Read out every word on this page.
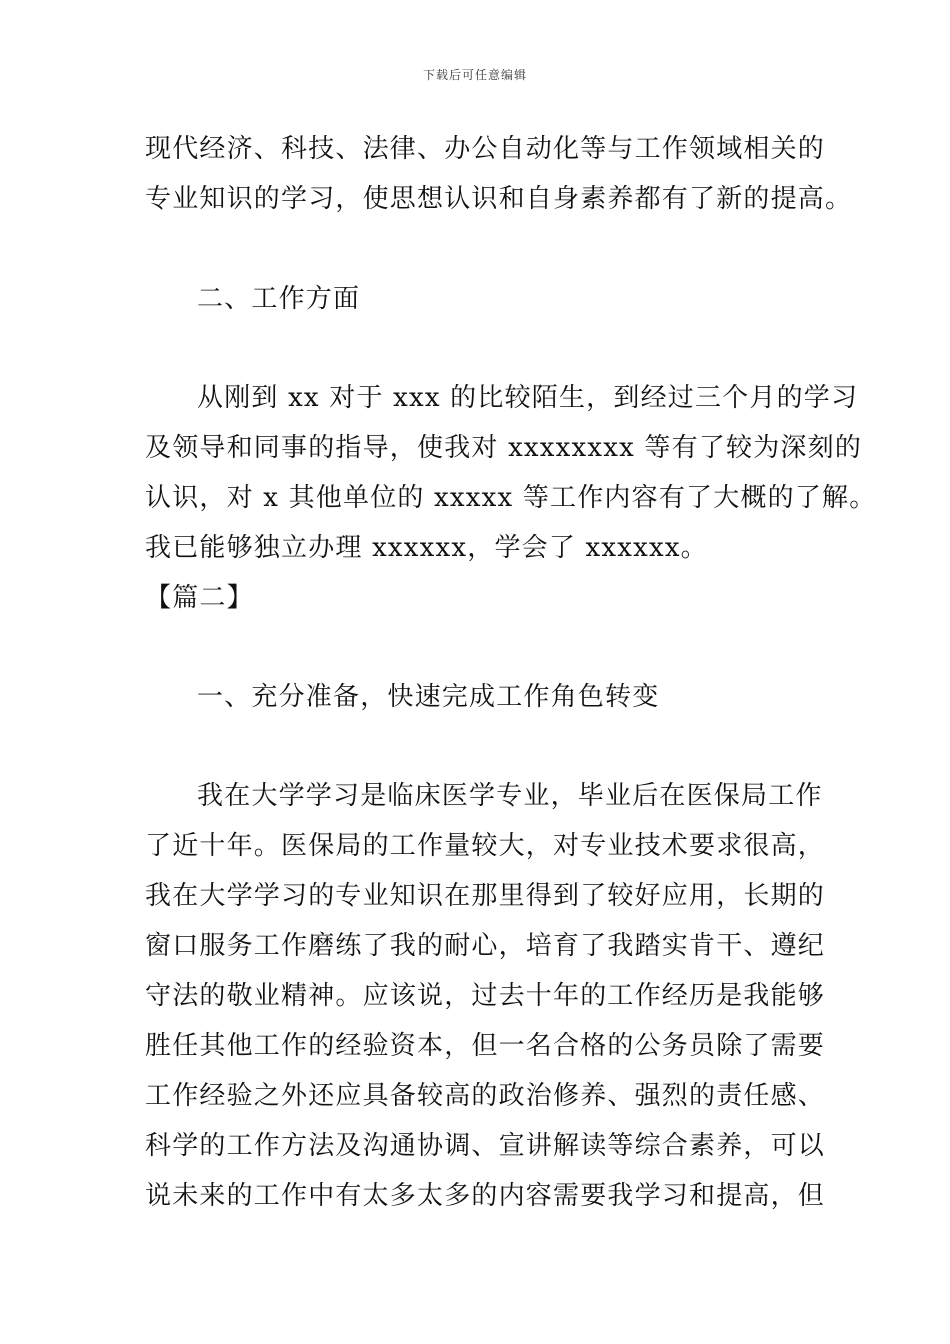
下载后可任意编辑
现代经济、科技、法律、办公自动化等与工作领域相关的
专业知识的学习，使思想认识和自身素养都有了新的提高。
二、工作方面
从刚到 xx 对于 xxx 的比较陌生，到经过三个月的学习
及领导和同事的指导，使我对 xxxxxxxx 等有了较为深刻的
认识，对 x 其他单位的 xxxxx 等工作内容有了大概的了解。
我已能够独立办理 xxxxxx，学会了 xxxxxx。
【篇二】
一、充分准备，快速完成工作角色转变
我在大学学习是临床医学专业，毕业后在医保局工作
了近十年。医保局的工作量较大，对专业技术要求很高，
我在大学学习的专业知识在那里得到了较好应用，长期的
窗口服务工作磨练了我的耐心，培育了我踏实肯干、遵纪
守法的敬业精神。应该说，过去十年的工作经历是我能够
胜任其他工作的经验资本，但一名合格的公务员除了需要
工作经验之外还应具备较高的政治修养、强烈的责任感、
科学的工作方法及沟通协调、宣讲解读等综合素养，可以
说未来的工作中有太多太多的内容需要我学习和提高，但
